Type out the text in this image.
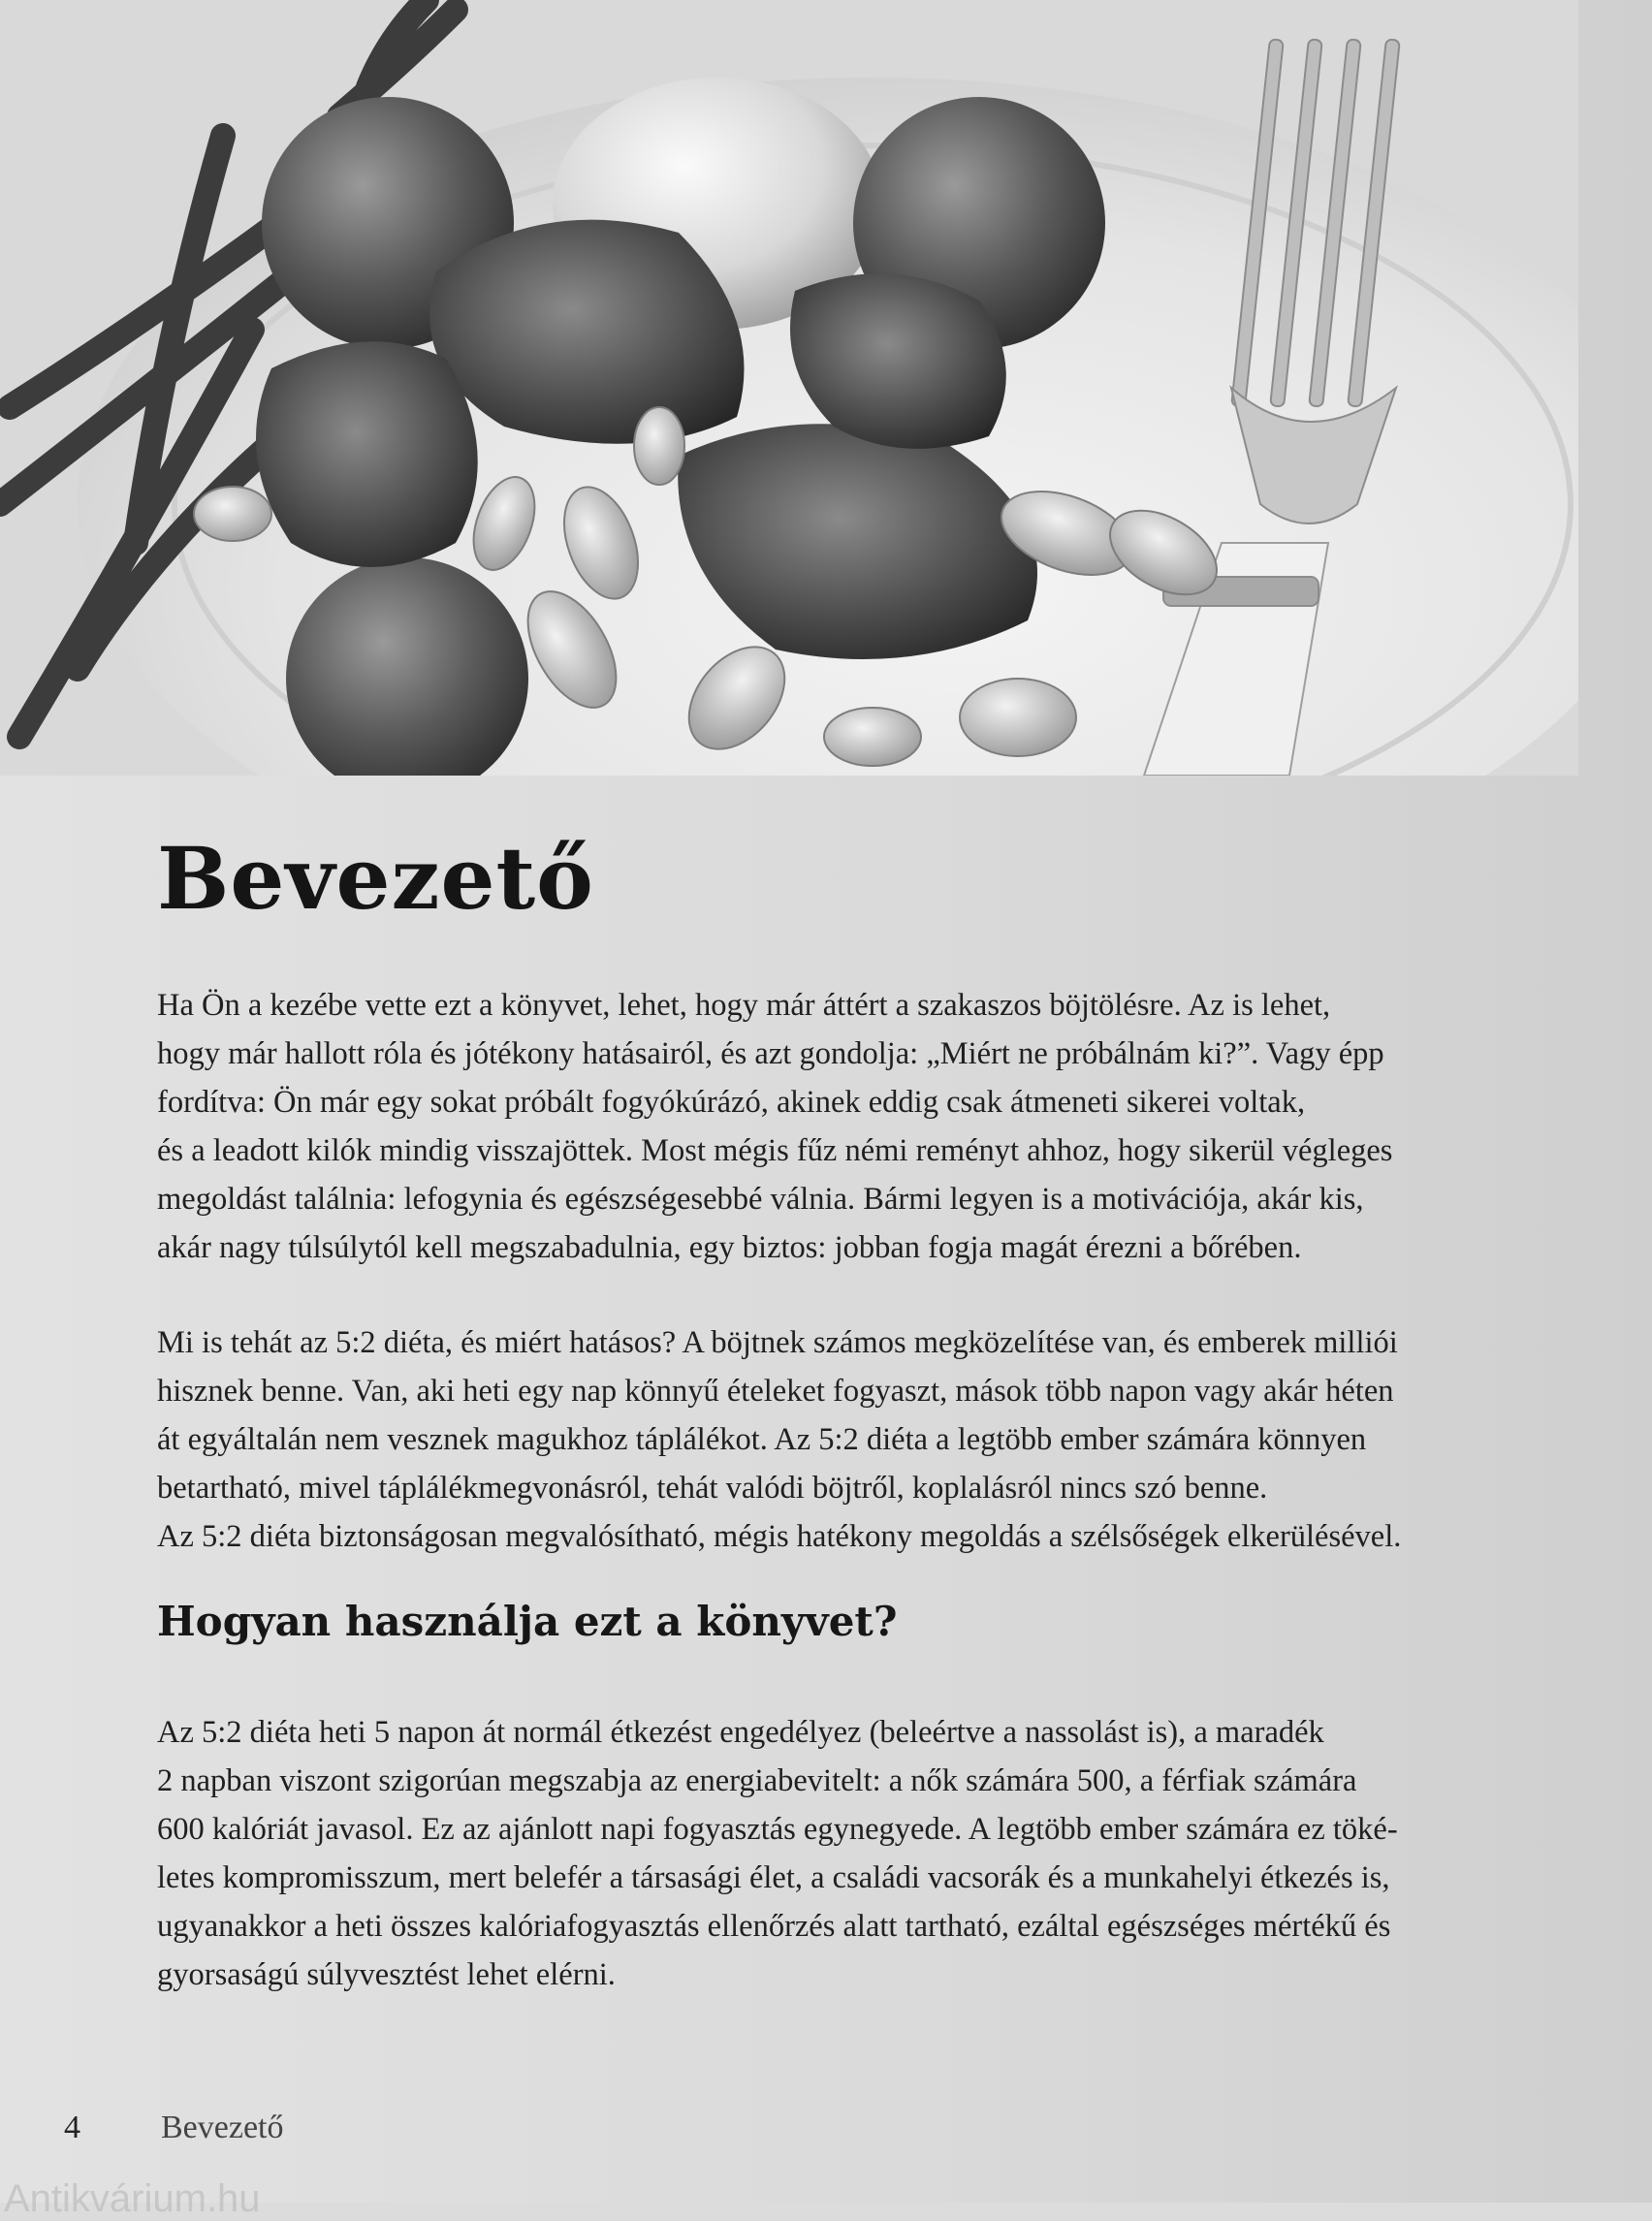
Bevezető

Ha Ön a kezébe vette ezt a könyvet, lehet, hogy már áttért a szakaszos böjtölésre. Az is lehet,
hogy már hallott róla és jótékony hatásairól, és azt gondolja: „Miért ne próbálnám ki?”. Vagy épp
fordítva: Ön már egy sokat próbált fogyókúrázó, akinek eddig csak átmeneti sikerei voltak,
és a leadott kilók mindig visszajöttek. Most mégis fűz némi reményt ahhoz, hogy sikerül végleges
megoldást találnia: lefogynia és egészségesebbé válnia. Bármi legyen is a motivációja, akár kis,
akár nagy túlsúlytól kell megszabadulnia, egy biztos: jobban fogja magát érezni a bőrében.

Mi is tehát az 5:2 diéta, és miért hatásos? A böjtnek számos megközelítése van, és emberek milliói
hisznek benne. Van, aki heti egy nap könnyű ételeket fogyaszt, mások több napon vagy akár héten
át egyáltalán nem vesznek magukhoz táplálékot. Az 5:2 diéta a legtöbb ember számára könnyen
betartható, mivel táplálékmegvonásról, tehát valódi böjtről, koplalásról nincs szó benne.
Az 5:2 diéta biztonságosan megvalósítható, mégis hatékony megoldás a szélsőségek elkerülésével.

Hogyan használja ezt a könyvet?

Az 5:2 diéta heti 5 napon át normál étkezést engedélyez (beleértve a nassolást is), a maradék
2 napban viszont szigorúan megszabja az energiabevitelt: a nők számára 500, a férfiak számára
600 kalóriát javasol. Ez az ajánlott napi fogyasztás egynegyede. A legtöbb ember számára ez töké-
letes kompromisszum, mert belefér a társasági élet, a családi vacsorák és a munkahelyi étkezés is,
ugyanakkor a heti összes kalóriafogyasztás ellenőrzés alatt tartható, ezáltal egészséges mértékű és
gyorsaságú súlyvesztést lehet elérni.

4 Bevezető
Antikvárium.hu
